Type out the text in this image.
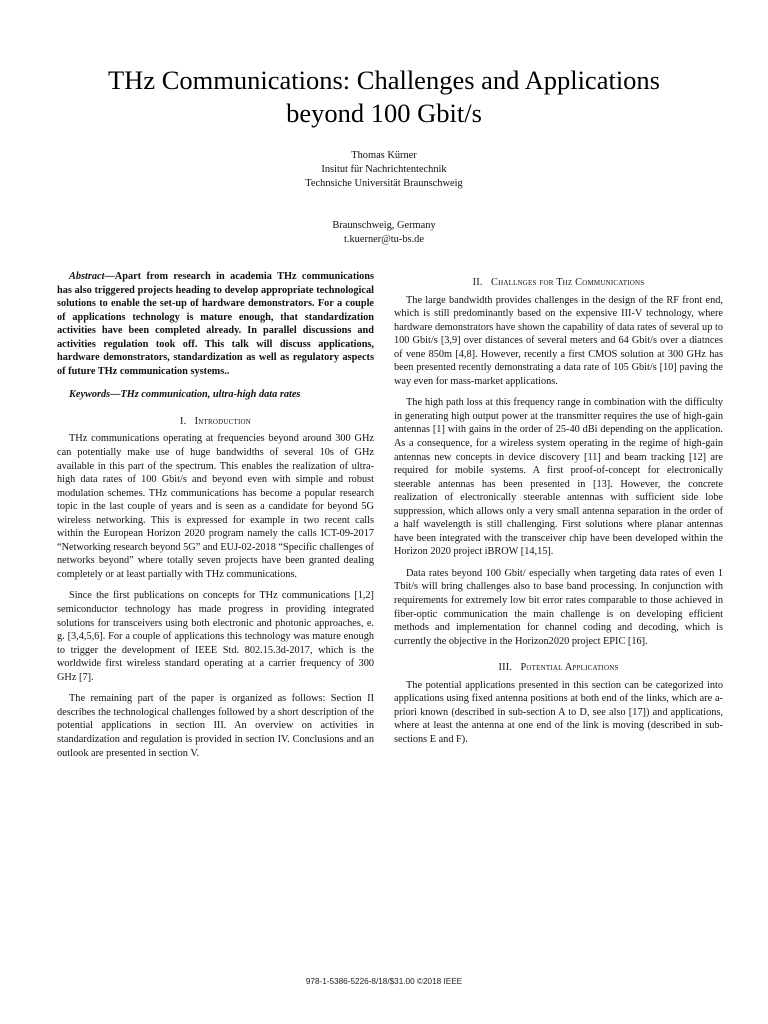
THz Communications: Challenges and Applications
beyond 100 Gbit/s
Thomas Kürner
Insitut für Nachrichtentechnik
Technsiche Universität Braunschweig
Braunschweig, Germany
t.kuerner@tu-bs.de

Abstract—Apart from research in academia THz communications has also triggered projects heading to develop appropriate technological solutions to enable the set-up of hardware demonstrators. For a couple of applications technology is mature enough, that standardization activities have been completed already. In parallel discussions and activities regulation took off. This talk will discuss applications, hardware demonstrators, standardization as well as regulatory aspects of future THz communication systems..

Keywords—THz communication, ultra-high data rates

I. Introduction

THz communications operating at frequencies beyond around 300 GHz can potentially make use of huge bandwidths of several 10s of GHz available in this part of the spectrum. This enables the realization of ultra-high data rates of 100 Gbit/s and beyond even with simple and robust modulation schemes. THz communications has become a popular research topic in the last couple of years and is seen as a candidate for beyond 5G wireless networking. This is expressed for example in two recent calls within the European Horizon 2020 program namely the calls ICT-09-2017 “Networking research beyond 5G” and EUJ-02-2018 “Specific challenges of networks beyond” where totally seven projects have been granted dealing completely or at least partially with THz communications.

Since the first publications on concepts for THz communications [1,2] semiconductor technology has made progress in providing integrated solutions for transceivers using both electronic and photonic approaches, e. g. [3,4,5,6]. For a couple of applications this technology was mature enough to trigger the development of IEEE Std. 802.15.3d-2017, which is the worldwide first wireless standard operating at a carrier frequency of 300 GHz [7].

The remaining part of the paper is organized as follows: Section II describes the technological challenges followed by a short description of the potential applications in section III. An overview on activities in standardization and regulation is provided in section IV. Conclusions and an outlook are presented in section V.

II. Challnges for Thz Communications

The large bandwidth provides challenges in the design of the RF front end, which is still predominantly based on the expensive III-V technology, where hardware demonstrators have shown the capability of data rates of several up to 100 Gbit/s [3,9] over distances of several meters and 64 Gbit/s over a diatnces of vene 850m [4,8]. However, recently a first CMOS solution at 300 GHz has been presented recently demonstrating a data rate of 105 Gbit/s [10] paving the way even for mass-market applications.

The high path loss at this frequency range in combination with the difficulty in generating high output power at the transmitter requires the use of high-gain antennas [1] with gains in the order of 25-40 dBi depending on the application. As a consequence, for a wireless system operating in the regime of high-gain antennas new concepts in device discovery [11] and beam tracking [12] are required for mobile systems. A first proof-of-concept for electronically steerable antennas has been presented in [13]. However, the concrete realization of electronically steerable antennas with sufficient side lobe suppression, which allows only a very small antenna separation in the order of a half wavelength is still challenging. First solutions where planar antennas have been integrated with the transceiver chip have been developed within the Horizon 2020 project iBROW [14,15].

Data rates beyond 100 Gbit/ especially when targeting data rates of even 1 Tbit/s will bring challenges also to base band processing. In conjunction with requirements for extremely low bit error rates comparable to those achieved in fiber-optic communication the main challenge is on developing efficient methods and implementation for channel coding and decoding, which is currently the objective in the Horizon2020 project EPIC [16].

III. Potential Applications

The potential applications presented in this section can be categorized into applications using fixed antenna positions at both end of the links, which are a-priori known (described in sub-section A to D, see also [17]) and applications, where at least the antenna at one end of the link is moving (described in sub-sections E and F).

978-1-5386-5226-8/18/$31.00 ©2018 IEEE
